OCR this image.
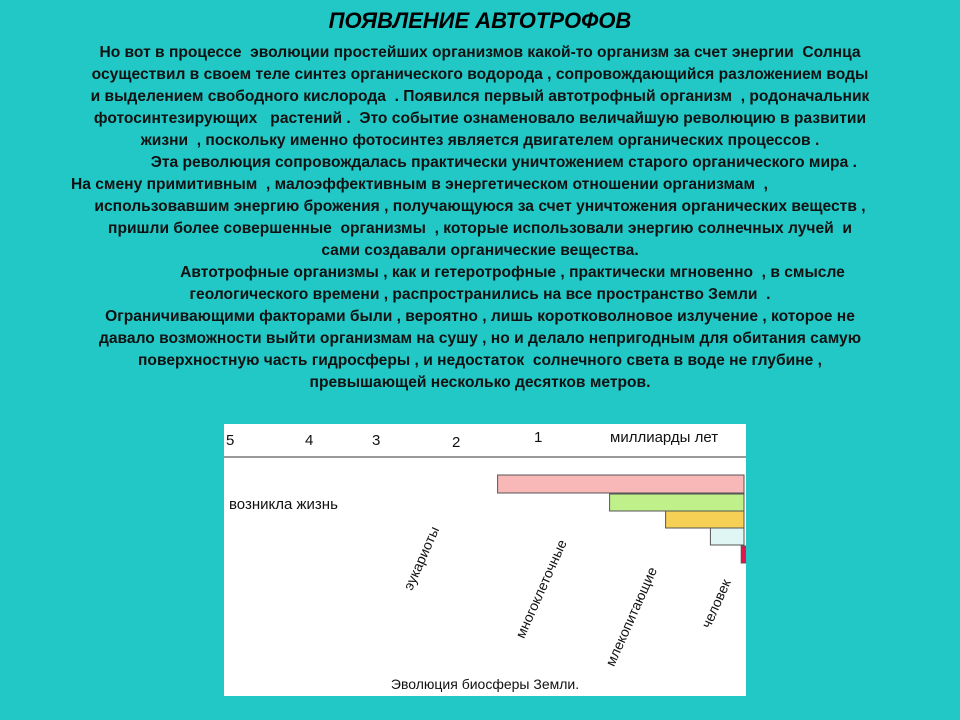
ПОЯВЛЕНИЕ АВТОТРОФОВ
Но вот в процессе  эволюции простейших организмов какой-то организм за счет энергии  Солнца
осуществил в своем теле синтез органического водорода , сопровождающийся разложением воды
и выделением свободного кислорода  . Появился первый автотрофный организм  , родоначальник
фотосинтезирующих   растений .  Это событие ознаменовало величайшую революцию в развитии
жизни  , поскольку именно фотосинтез является двигателем органических процессов .
Эта революция сопровождалась практически уничтожением старого органического мира .
На смену примитивным  , малоэффективным в энергетическом отношении организмам  ,
использовавшим энергию брожения , получающуюся за счет уничтожения органических веществ ,
пришли более совершенные  организмы  , которые использовали энергию солнечных лучей  и
сами создавали органические вещества.
Автотрофные организмы , как и гетеротрофные , практически мгновенно  , в смысле
геологического времени , распространились на все пространство Земли  .
Ограничивающими факторами были , вероятно , лишь коротковолновое излучение , которое не
давало возможности выйти организмам на сушу , но и делало непригодным для обитания самую
поверхностную часть гидросферы , и недостаток  солнечного света в воде не глубине ,
превышающей несколько десятков метров.
5	4	3	2	1	миллиарды лет
возникла жизнь
эукариоты	многоклеточные млекопитающие	человек
Эволюция биосферы Земли.
